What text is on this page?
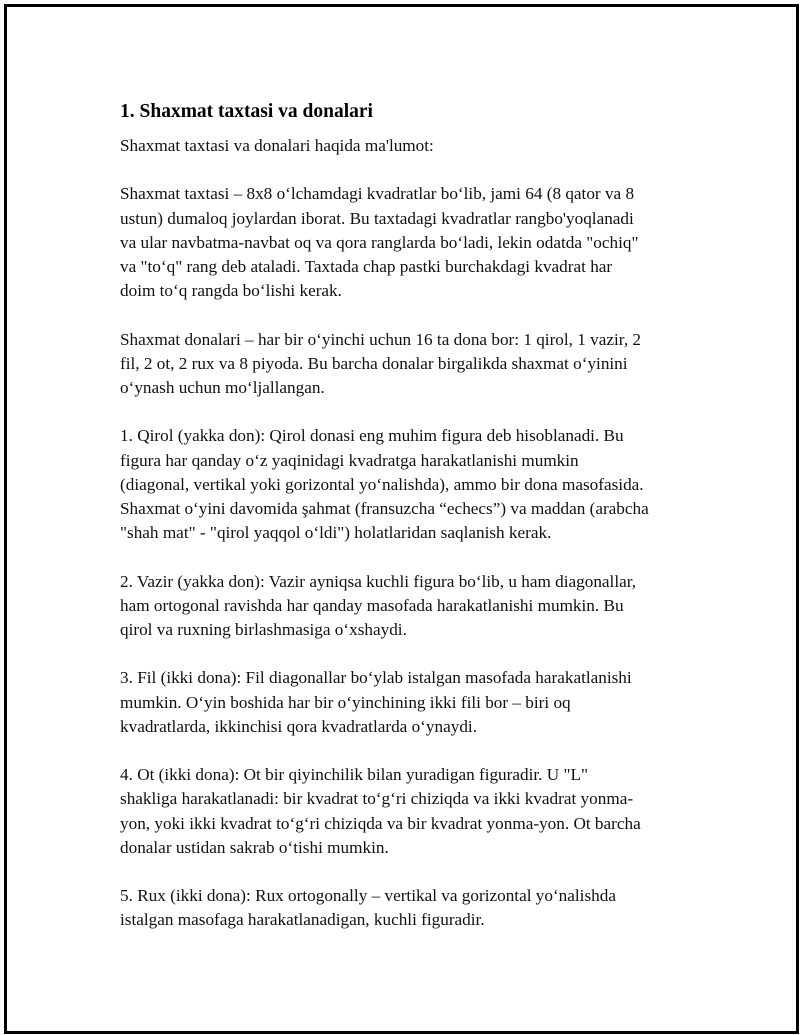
1. Shaxmat taxtasi va donalari

Shaxmat taxtasi va donalari haqida ma'lumot:

Shaxmat taxtasi – 8x8 oʻlchamdagi kvadratlar boʻlib, jami 64 (8 qator va 8
ustun) dumaloq joylardan iborat. Bu taxtadagi kvadratlar rangbo'yoqlanadi
va ular navbatma-navbat oq va qora ranglarda boʻladi, lekin odatda "ochiq"
va "toʻq" rang deb ataladi. Taxtada chap pastki burchakdagi kvadrat har
doim toʻq rangda boʻlishi kerak.

Shaxmat donalari – har bir oʻyinchi uchun 16 ta dona bor: 1 qirol, 1 vazir, 2
fil, 2 ot, 2 rux va 8 piyoda. Bu barcha donalar birgalikda shaxmat oʻyinini
oʻynash uchun moʻljallangan.

1. Qirol (yakka don): Qirol donasi eng muhim figura deb hisoblanadi. Bu
figura har qanday oʻz yaqinidagi kvadratga harakatlanishi mumkin
(diagonal, vertikal yoki gorizontal yoʻnalishda), ammo bir dona masofasida.
Shaxmat oʻyini davomida şahmat (fransuzcha “echecs”) va maddan (arabcha
"shah mat" - "qirol yaqqol oʻldi") holatlaridan saqlanish kerak.

2. Vazir (yakka don): Vazir ayniqsa kuchli figura boʻlib, u ham diagonallar,
ham ortogonal ravishda har qanday masofada harakatlanishi mumkin. Bu
qirol va ruxning birlashmasiga oʻxshaydi.

3. Fil (ikki dona): Fil diagonallar boʻylab istalgan masofada harakatlanishi
mumkin. Oʻyin boshida har bir oʻyinchining ikki fili bor – biri oq
kvadratlarda, ikkinchisi qora kvadratlarda oʻynaydi.

4. Ot (ikki dona): Ot bir qiyinchilik bilan yuradigan figuradir. U "L"
shakliga harakatlanadi: bir kvadrat toʻgʻri chiziqda va ikki kvadrat yonma-
yon, yoki ikki kvadrat toʻgʻri chiziqda va bir kvadrat yonma-yon. Ot barcha
donalar ustidan sakrab oʻtishi mumkin.

5. Rux (ikki dona): Rux ortogonally – vertikal va gorizontal yoʻnalishda
istalgan masofaga harakatlanadigan, kuchli figuradir.
